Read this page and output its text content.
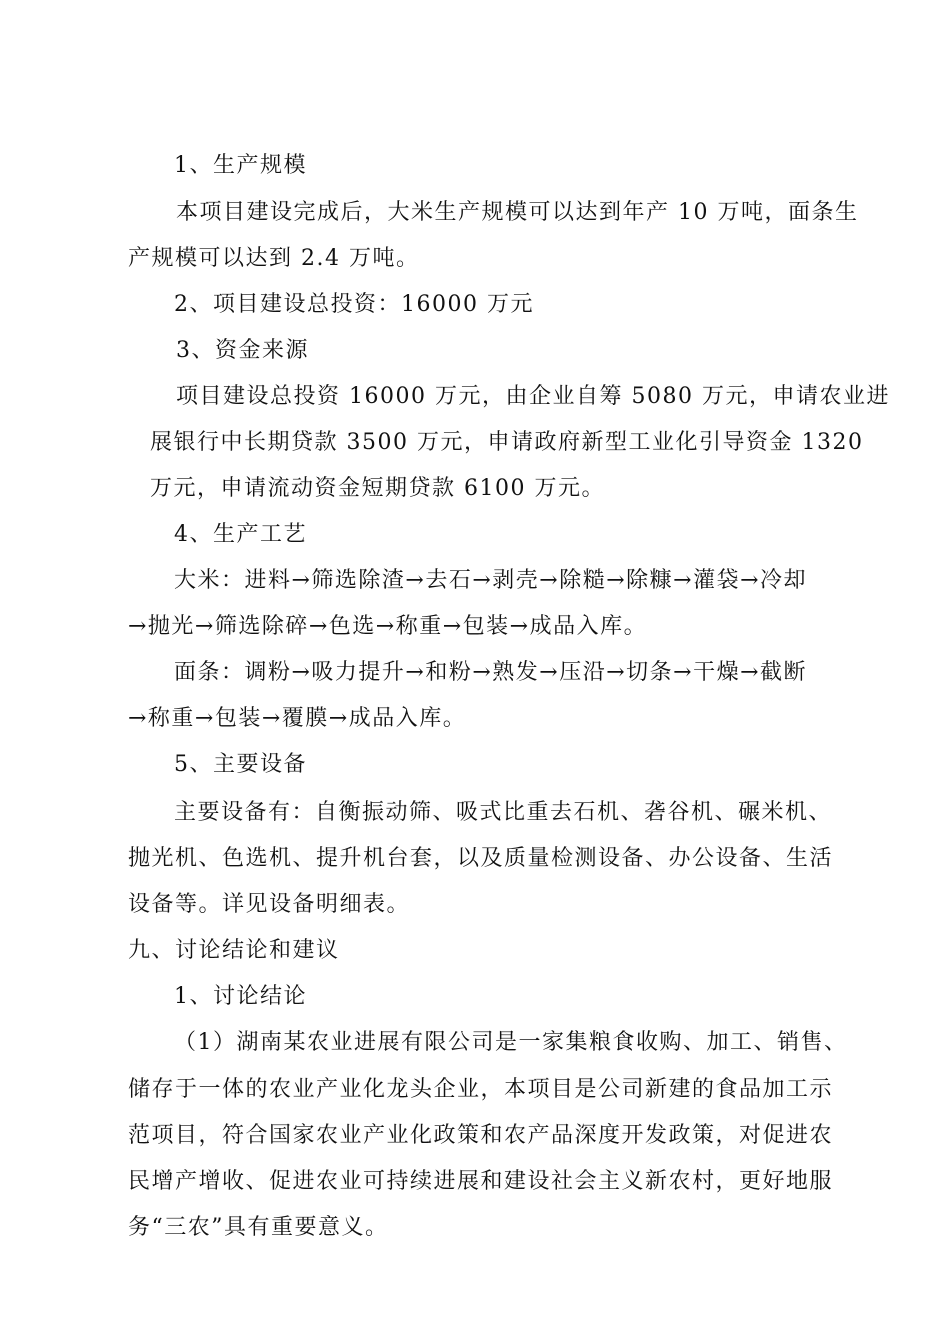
1、生产规模
本项目建设完成后，大米生产规模可以达到年产 10 万吨，面条生
产规模可以达到 2.4 万吨。
2、项目建设总投资：16000 万元
3、资金来源
项目建设总投资 16000 万元，由企业自筹 5080 万元，申请农业进
展银行中长期贷款 3500 万元，申请政府新型工业化引导资金 1320
万元，申请流动资金短期贷款 6100 万元。
4、生产工艺
大米：进料→筛选除渣→去石→剥壳→除糙→除糠→灌袋→冷却
→抛光→筛选除碎→色选→称重→包装→成品入库。
面条：调粉→吸力提升→和粉→熟发→压沿→切条→干燥→截断
→称重→包装→覆膜→成品入库。
5、主要设备
主要设备有：自衡振动筛、吸式比重去石机、砻谷机、碾米机、
抛光机、色选机、提升机台套，以及质量检测设备、办公设备、生活
设备等。详见设备明细表。
九、讨论结论和建议
1、讨论结论
（1）湖南某农业进展有限公司是一家集粮食收购、加工、销售、
储存于一体的农业产业化龙头企业，本项目是公司新建的食品加工示
范项目，符合国家农业产业化政策和农产品深度开发政策，对促进农
民增产增收、促进农业可持续进展和建设社会主义新农村，更好地服
务“三农”具有重要意义。
